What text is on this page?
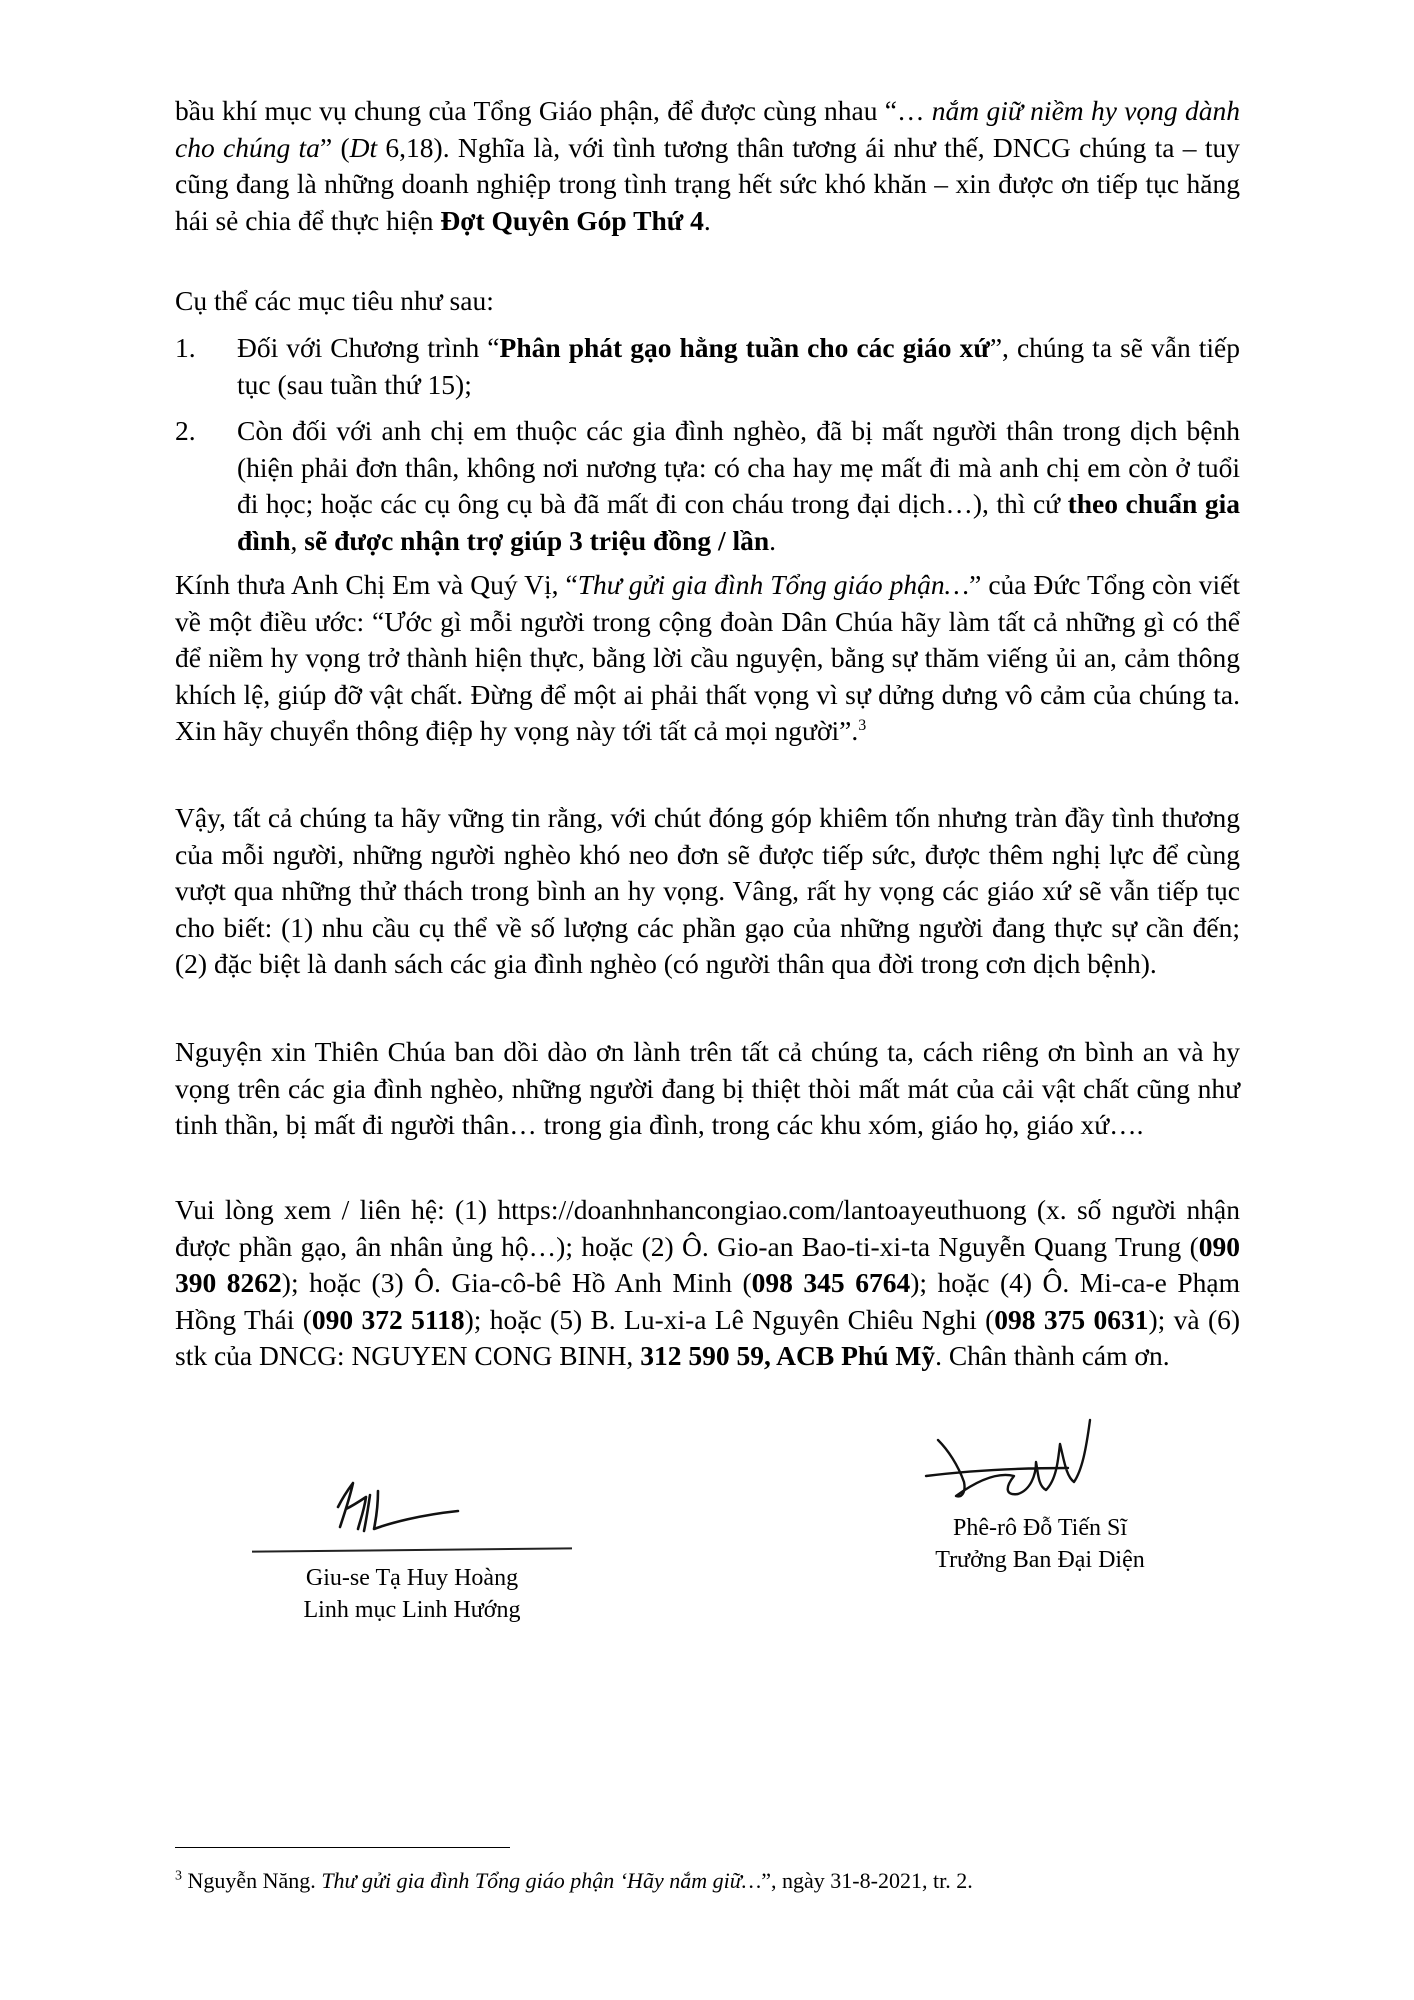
bầu khí mục vụ chung của Tổng Giáo phận, để được cùng nhau “… nắm giữ niềm hy vọng dành cho chúng ta” (Dt 6,18). Nghĩa là, với tình tương thân tương ái như thế, DNCG chúng ta – tuy cũng đang là những doanh nghiệp trong tình trạng hết sức khó khăn – xin được ơn tiếp tục hăng hái sẻ chia để thực hiện Đợt Quyên Góp Thứ 4.

Cụ thể các mục tiêu như sau:

1. Đối với Chương trình “Phân phát gạo hằng tuần cho các giáo xứ”, chúng ta sẽ vẫn tiếp tục (sau tuần thứ 15);
2. Còn đối với anh chị em thuộc các gia đình nghèo, đã bị mất người thân trong dịch bệnh (hiện phải đơn thân, không nơi nương tựa: có cha hay mẹ mất đi mà anh chị em còn ở tuổi đi học; hoặc các cụ ông cụ bà đã mất đi con cháu trong đại dịch…), thì cứ theo chuẩn gia đình, sẽ được nhận trợ giúp 3 triệu đồng / lần.

Kính thưa Anh Chị Em và Quý Vị, “Thư gửi gia đình Tổng giáo phận…” của Đức Tổng còn viết về một điều ước: “Ước gì mỗi người trong cộng đoàn Dân Chúa hãy làm tất cả những gì có thể để niềm hy vọng trở thành hiện thực, bằng lời cầu nguyện, bằng sự thăm viếng ủi an, cảm thông khích lệ, giúp đỡ vật chất. Đừng để một ai phải thất vọng vì sự dửng dưng vô cảm của chúng ta. Xin hãy chuyển thông điệp hy vọng này tới tất cả mọi người”.$^3$

Vậy, tất cả chúng ta hãy vững tin rằng, với chút đóng góp khiêm tốn nhưng tràn đầy tình thương của mỗi người, những người nghèo khó neo đơn sẽ được tiếp sức, được thêm nghị lực để cùng vượt qua những thử thách trong bình an hy vọng. Vâng, rất hy vọng các giáo xứ sẽ vẫn tiếp tục cho biết: (1) nhu cầu cụ thể về số lượng các phần gạo của những người đang thực sự cần đến; (2) đặc biệt là danh sách các gia đình nghèo (có người thân qua đời trong cơn dịch bệnh).

Nguyện xin Thiên Chúa ban dồi dào ơn lành trên tất cả chúng ta, cách riêng ơn bình an và hy vọng trên các gia đình nghèo, những người đang bị thiệt thòi mất mát của cải vật chất cũng như tinh thần, bị mất đi người thân… trong gia đình, trong các khu xóm, giáo họ, giáo xứ….

Vui lòng xem / liên hệ: (1) https://doanhnhancongiao.com/lantoayeuthuong (x. số người nhận được phần gạo, ân nhân ủng hộ…); hoặc (2) Ô. Gio-an Bao-ti-xi-ta Nguyễn Quang Trung (090 390 8262); hoặc (3) Ô. Gia-cô-bê Hồ Anh Minh (098 345 6764); hoặc (4) Ô. Mi-ca-e Phạm Hồng Thái (090 372 5118); hoặc (5) B. Lu-xi-a Lê Nguyên Chiêu Nghi (098 375 0631); và (6) stk của DNCG: NGUYEN CONG BINH, 312 590 59, ACB Phú Mỹ. Chân thành cám ơn.

Giu-se Tạ Huy Hoàng
Linh mục Linh Hướng
Phê-rô Đỗ Tiến Sĩ
Trưởng Ban Đại Diện
$^3$ Nguyễn Năng. Thư gửi gia đình Tổng giáo phận ‘Hãy nắm giữ…”, ngày 31-8-2021, tr. 2.
